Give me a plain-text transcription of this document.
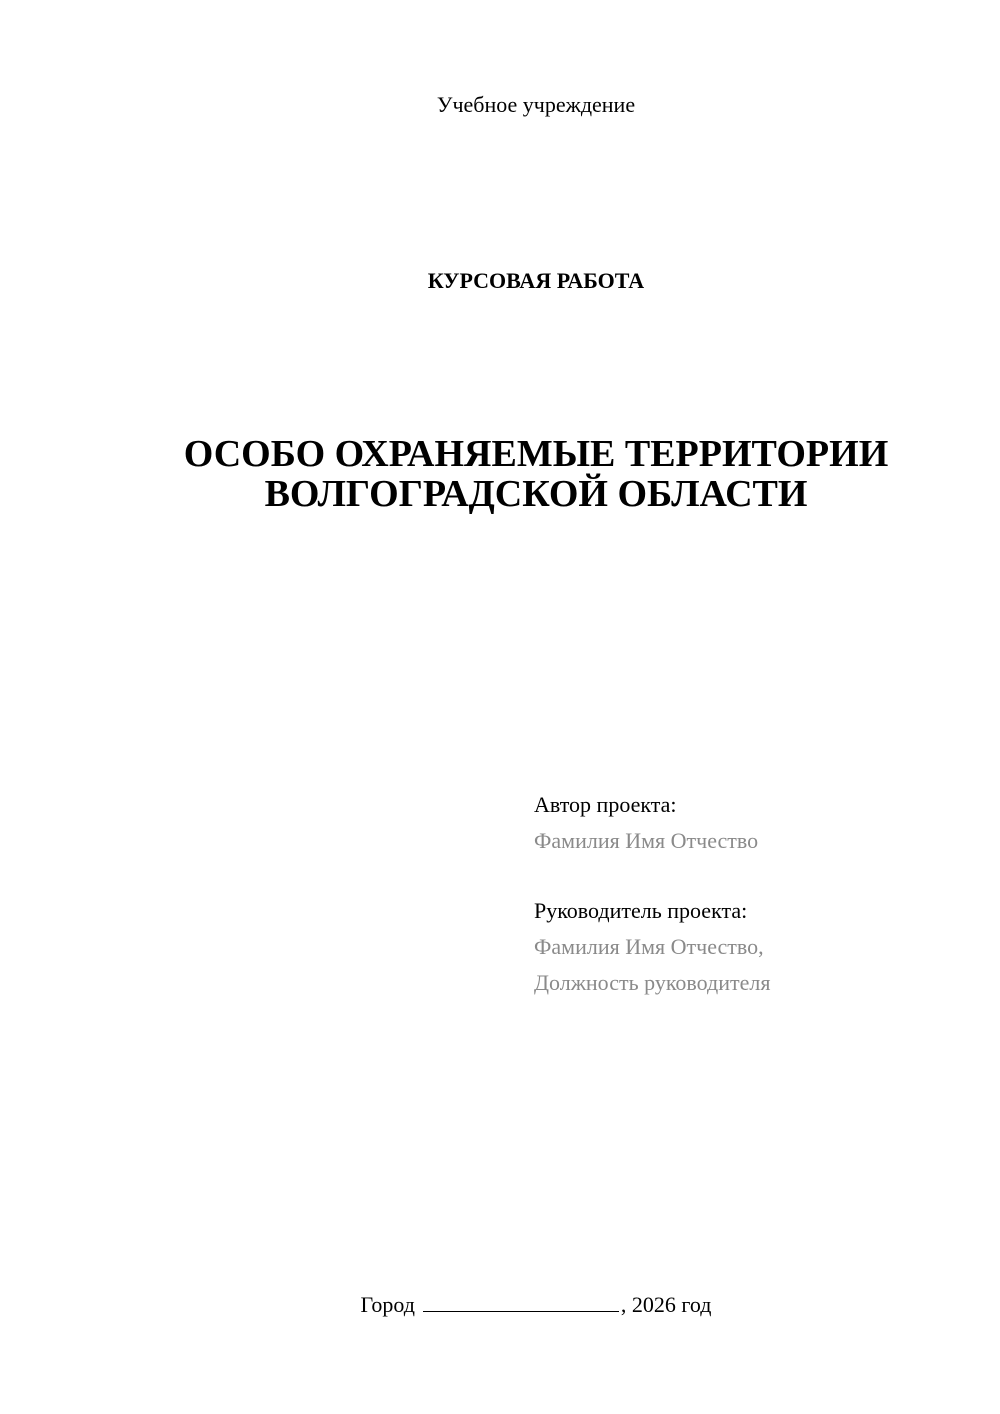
Учебное учреждение
КУРСОВАЯ РАБОТА
ОСОБО ОХРАНЯЕМЫЕ ТЕРРИТОРИИ
ВОЛГОГРАДСКОЙ ОБЛАСТИ
Автор проекта:
Фамилия Имя Отчество
Руководитель проекта:
Фамилия Имя Отчество,
Должность руководителя
Город	, 2026 год
